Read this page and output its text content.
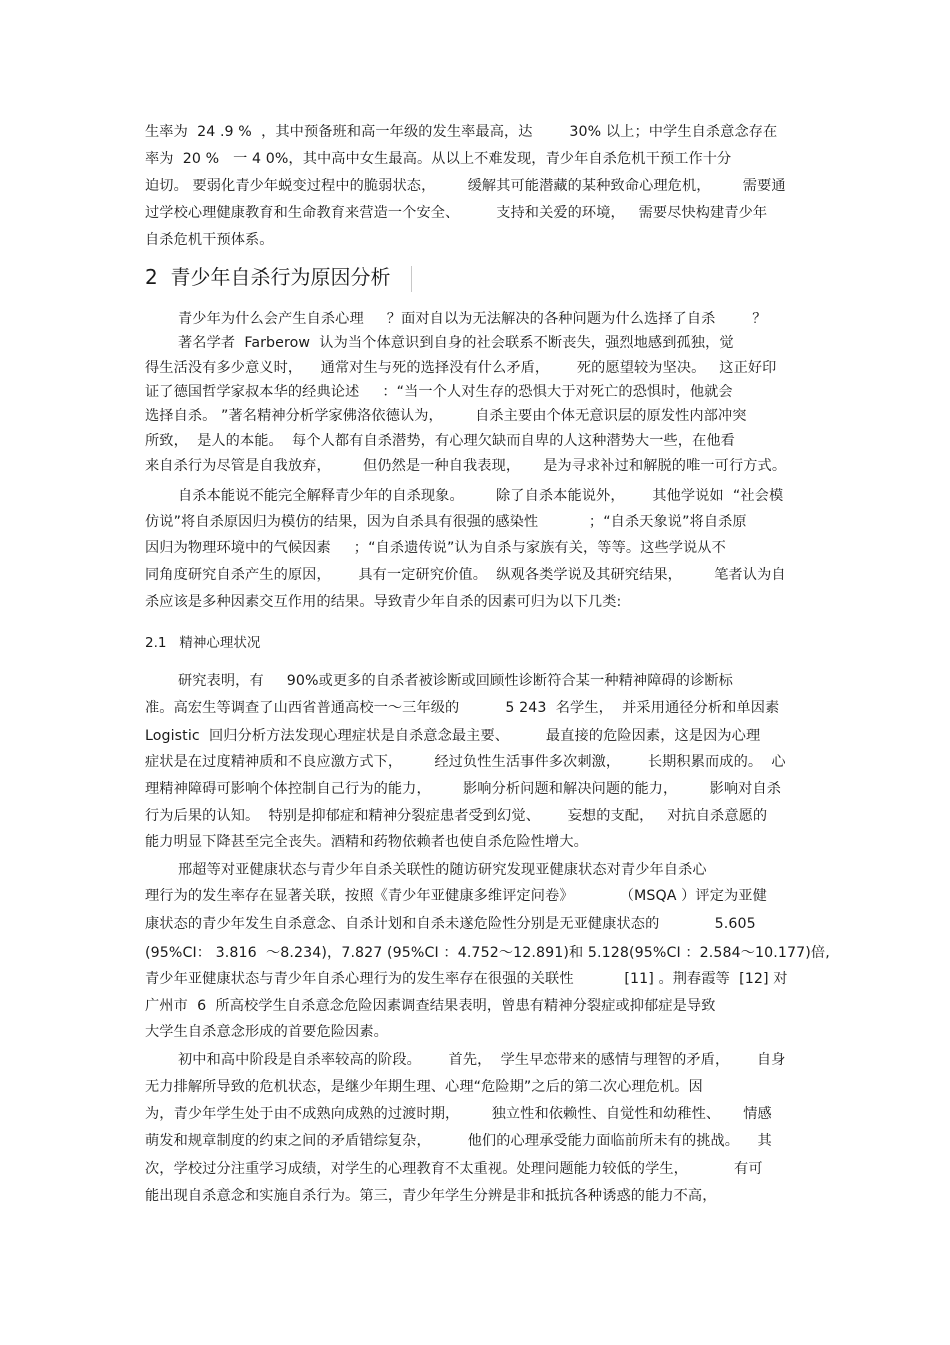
生率为  24 .9 %  ，其中预备班和高一年级的发生率最高，达        30% 以上；中学生自杀意念存在
率为  20 %   一 4 0%，其中高中女生最高。从以上不难发现，青少年自杀危机干预工作十分
迫切。 要弱化青少年蜕变过程中的脆弱状态，       缓解其可能潜藏的某种致命心理危机，       需要通
过学校心理健康教育和生命教育来营造一个安全、        支持和关爱的环境，   需要尽快构建青少年
自杀危机干预体系。
2  青少年自杀行为原因分析
青少年为什么会产生自杀心理     ？面对自以为无法解决的各种问题为什么选择了自杀        ？
著名学者  Farberow  认为当个体意识到自身的社会联系不断丧失，强烈地感到孤独，觉
得生活没有多少意义时，    通常对生与死的选择没有什么矛盾，      死的愿望较为坚决。   这正好印
证了德国哲学家叔本华的经典论述     ：“当一个人对生存的恐惧大于对死亡的恐惧时，他就会
选择自杀。 ”著名精神分析学家佛洛依德认为，       自杀主要由个体无意识层的原发性内部冲突
所致，  是人的本能。  每个人都有自杀潜势，有心理欠缺而自卑的人这种潜势大一些，在他看
来自杀行为尽管是自我放弃，       但仍然是一种自我表现，     是为寻求补过和解脱的唯一可行方式。
自杀本能说不能完全解释青少年的自杀现象。       除了自杀本能说外，      其他学说如  “社会模
仿说”将自杀原因归为模仿的结果，因为自杀具有很强的感染性           ；“自杀天象说”将自杀原
因归为物理环境中的气候因素     ；“自杀遗传说”认为自杀与家族有关，等等。这些学说从不
同角度研究自杀产生的原因，      具有一定研究价值。  纵观各类学说及其研究结果，       笔者认为自
杀应该是多种因素交互作用的结果。导致青少年自杀的因素可归为以下几类:
2.1   精神心理状况
研究表明，有     90%或更多的自杀者被诊断或回顾性诊断符合某一种精神障碍的诊断标
准。高宏生等调查了山西省普通高校一～三年级的          5 243  名学生，  并采用通径分析和单因素
Logistic  回归分析方法发现心理症状是自杀意念最主要、        最直接的危险因素，这是因为心理
症状是在过度精神质和不良应激方式下，       经过负性生活事件多次刺激，      长期积累而成的。  心
理精神障碍可影响个体控制自己行为的能力，       影响分析问题和解决问题的能力，       影响对自杀
行为后果的认知。  特别是抑郁症和精神分裂症患者受到幻觉、      妄想的支配，   对抗自杀意愿的
能力明显下降甚至完全丧失。酒精和药物依赖者也使自杀危险性增大。
邢超等对亚健康状态与青少年自杀关联性的随访研究发现亚健康状态对青少年自杀心
理行为的发生率存在显著关联，按照《青少年亚健康多维评定问卷》          （MSQA ）评定为亚健
康状态的青少年发生自杀意念、自杀计划和自杀未遂危险性分别是无亚健康状态的            5.605
(95%CI： 3.816  ～8.234)，7.827 (95%CI ：4.752～12.891)和 5.128(95%CI ：2.584～10.177)倍,
青少年亚健康状态与青少年自杀心理行为的发生率存在很强的关联性           [11] 。荆春霞等  [12] 对
广州市  6  所高校学生自杀意念危险因素调查结果表明，曾患有精神分裂症或抑郁症是导致
大学生自杀意念形成的首要危险因素。
初中和高中阶段是自杀率较高的阶段。      首先，  学生早恋带来的感情与理智的矛盾，      自身
无力排解所导致的危机状态，是继少年期生理、心理“危险期”之后的第二次心理危机。因
为，青少年学生处于由不成熟向成熟的过渡时期，       独立性和依赖性、自觉性和幼稚性、     情感
萌发和规章制度的约束之间的矛盾错综复杂，        他们的心理承受能力面临前所未有的挑战。    其
次，学校过分注重学习成绩，对学生的心理教育不太重视。处理问题能力较低的学生，          有可
能出现自杀意念和实施自杀行为。第三，青少年学生分辨是非和抵抗各种诱惑的能力不高，
